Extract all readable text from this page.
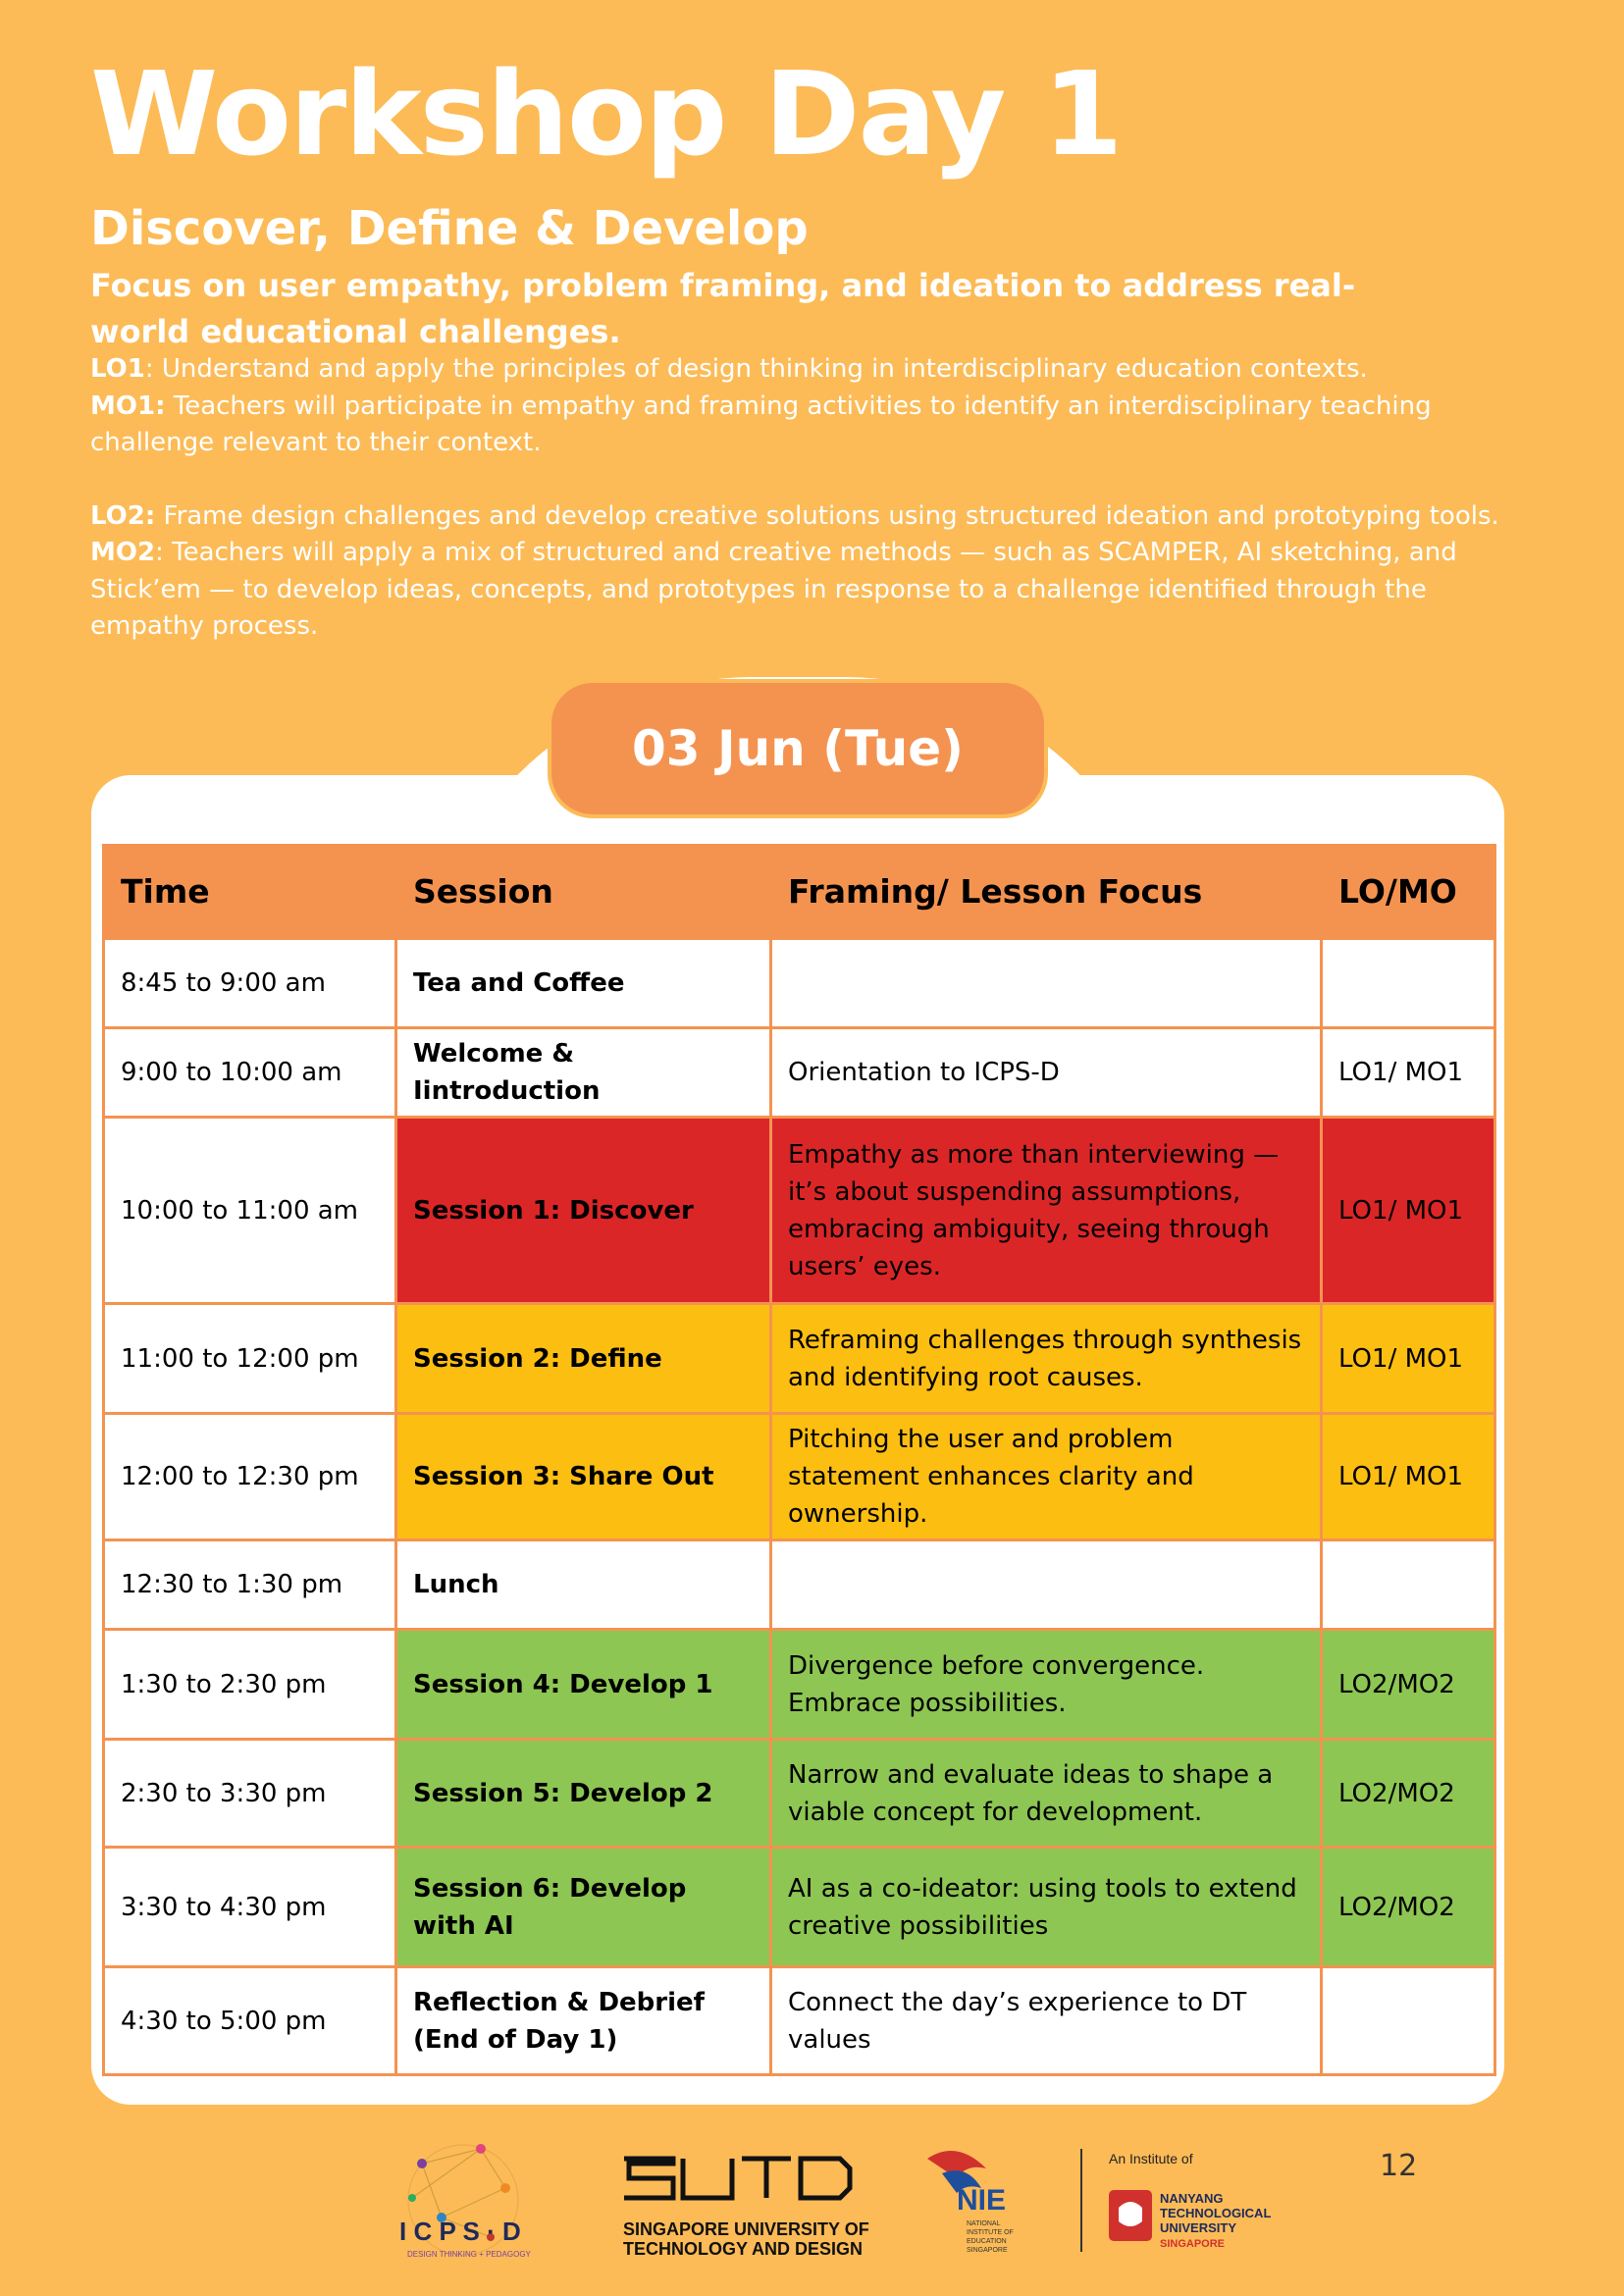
Workshop Day 1
Discover, Define & Develop

Focus on user empathy, problem framing, and ideation to address real-world educational challenges.

LO1: Understand and apply the principles of design thinking in interdisciplinary education contexts.

MO1: Teachers will participate in empathy and framing activities to identify an interdisciplinary teaching challenge relevant to their context.

LO2: Frame design challenges and develop creative solutions using structured ideation and prototyping tools.

MO2: Teachers will apply a mix of structured and creative methods — such as SCAMPER, AI sketching, and Stick’em — to develop ideas, concepts, and prototypes in response to a challenge identified through the empathy process.

03 Jun (Tue)
Time	Session	Framing/ Lesson Focus	LO/MO
8:45 to 9:00 am	Tea and Coffee		
9:00 to 10:00 am	Welcome & Iintroduction	Orientation to ICPS-D	LO1/ MO1
10:00 to 11:00 am	Session 1: Discover	Empathy as more than interviewing — it’s about suspending assumptions, embracing ambiguity, seeing through users’ eyes.	LO1/ MO1
11:00 to 12:00 pm	Session 2: Define	Reframing challenges through synthesis and identifying root causes.	LO1/ MO1
12:00 to 12:30 pm	Session 3: Share Out	Pitching the user and problem statement enhances clarity and ownership.	LO1/ MO1
12:30 to 1:30 pm	Lunch		
1:30 to 2:30 pm	Session 4: Develop 1	Divergence before convergence. Embrace possibilities.	LO2/MO2
2:30 to 3:30 pm	Session 5: Develop 2	Narrow and evaluate ideas to shape a viable concept for development.	LO2/MO2
3:30 to 4:30 pm	Session 6: Develop with AI	AI as a co-ideator: using tools to extend creative possibilities	LO2/MO2
4:30 to 5:00 pm	Reflection & Debrief (End of Day 1)	Connect the day’s experience to DT values	
12
I C P S · D
DESIGN THINKING + PEDAGOGY
SINGAPORE UNIVERSITY OF
TECHNOLOGY AND DESIGN
NIE
NATIONAL
INSTITUTE OF
EDUCATION
SINGAPORE
An Institute of
NANYANG
TECHNOLOGICAL
UNIVERSITY
SINGAPORE
